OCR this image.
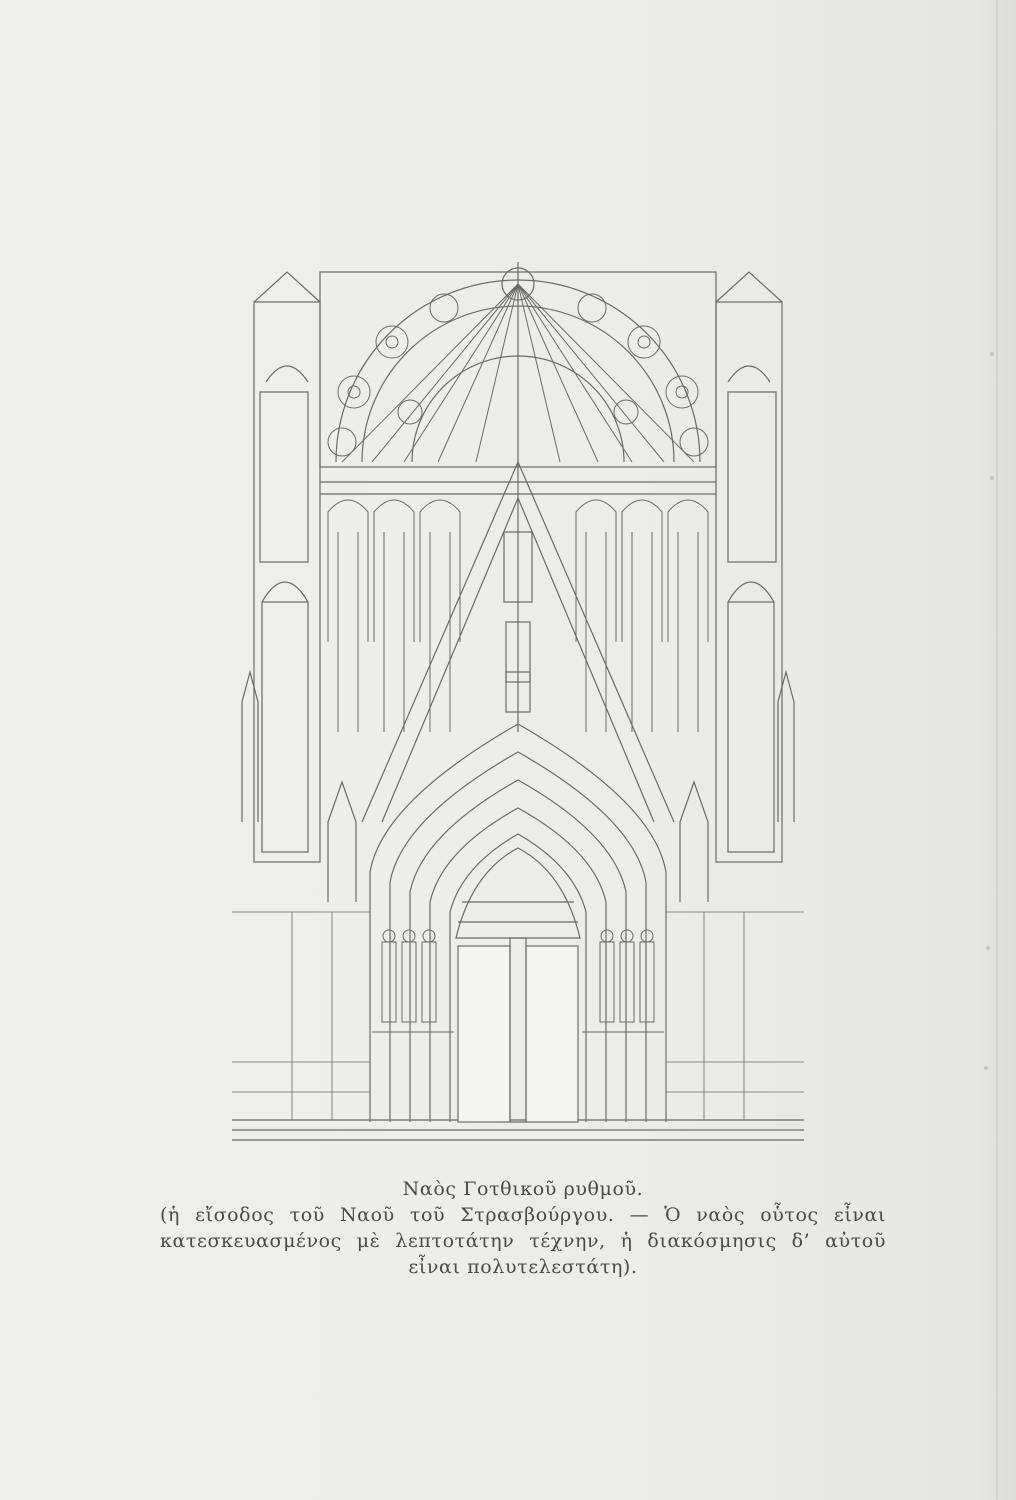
Ναὸς Γοτθικοῦ ρυθμοῦ.
(ἡ εἴσοδος τοῦ Ναοῦ τοῦ Στρασβούργου. — Ὁ ναὸς οὗτος εἶναι
κατεσκευασμένος μὲ λεπτοτάτην τέχνην, ἡ διακόσμησις δ’ αὐτοῦ
εἶναι πολυτελεστάτη).
